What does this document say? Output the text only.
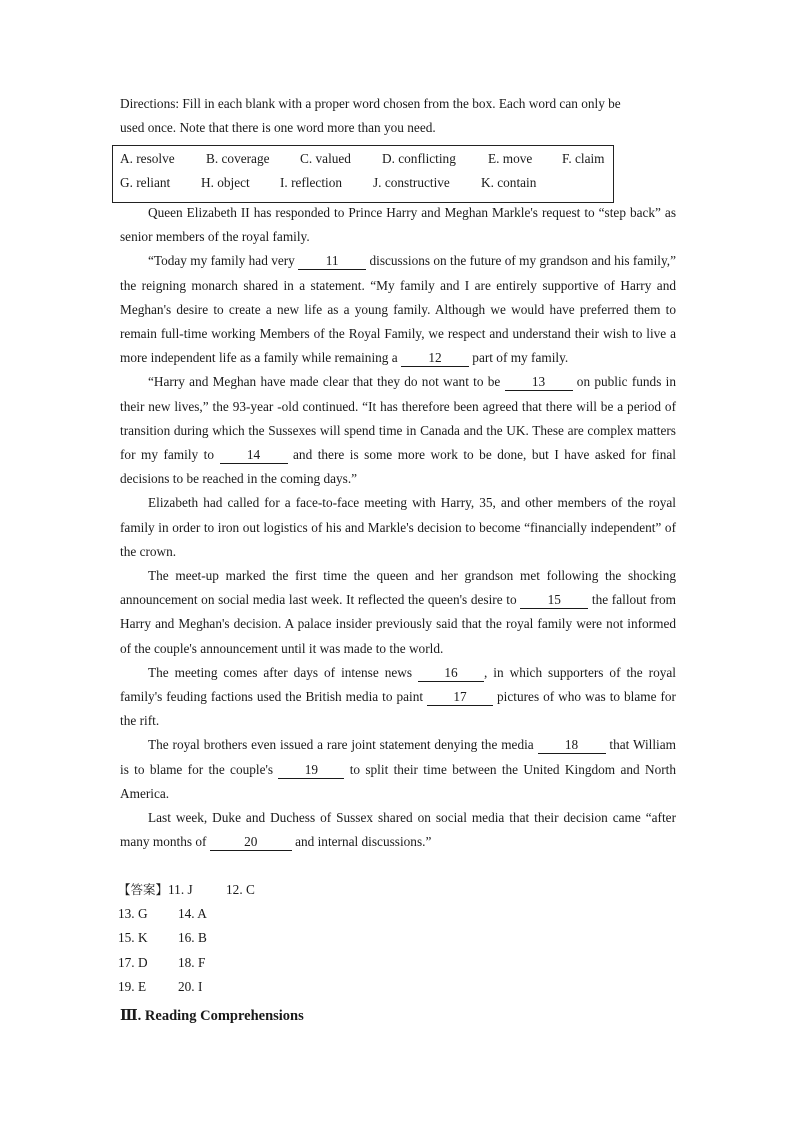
Directions: Fill in each blank with a proper word chosen from the box. Each word can only be

used once. Note that there is one word more than you need.

A. resolve B. coverage C. valued D. conflicting E. move F. claim
G. reliant H. object I. reflection J. constructive K. contain

Queen Elizabeth II has responded to Prince Harry and Meghan Markle's request to “step back” as senior members of the royal family.

“Today my family had very 11 discussions on the future of my grandson and his family,” the reigning monarch shared in a statement. “My family and I are entirely supportive of Harry and Meghan's desire to create a new life as a young family. Although we would have preferred them to remain full-time working Members of the Royal Family, we respect and understand their wish to live a more independent life as a family while remaining a 12 part of my family.

“Harry and Meghan have made clear that they do not want to be 13 on public funds in their new lives,” the 93-year -old continued. “It has therefore been agreed that there will be a period of transition during which the Sussexes will spend time in Canada and the UK. These are complex matters for my family to 14 and there is some more work to be done, but I have asked for final decisions to be reached in the coming days.”

Elizabeth had called for a face-to-face meeting with Harry, 35, and other members of the royal family in order to iron out logistics of his and Markle's decision to become “financially independent” of the crown.

The meet-up marked the first time the queen and her grandson met following the shocking announcement on social media last week. It reflected the queen's desire to 15 the fallout from Harry and Meghan's decision. A palace insider previously said that the royal family were not informed of the couple's announcement until it was made to the world.

The meeting comes after days of intense news 16 , in which supporters of the royal family's feuding factions used the British media to paint 17 pictures of who was to blame for the rift.

The royal brothers even issued a rare joint statement denying the media 18 that William is to blame for the couple's 19 to split their time between the United Kingdom and North America.

Last week, Duke and Duchess of Sussex shared on social media that their decision came “after many months of	20	and internal discussions.”

【答案】11. J	12. C
13. G 14. A
15. K 16. B
17. D 18. F
19. E 20. I
Ⅲ. Reading Comprehensions
